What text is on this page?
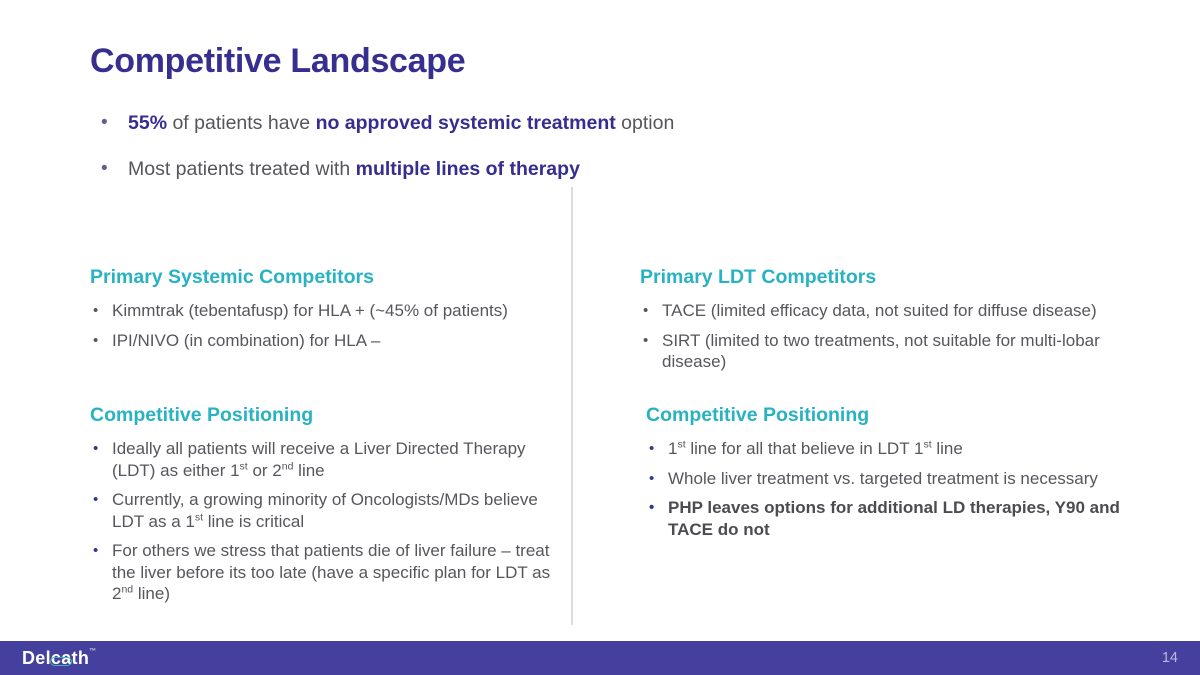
Competitive Landscape
• 55% of patients have no approved systemic treatment option
• Most patients treated with multiple lines of therapy
Primary Systemic Competitors
• Kimmtrak (tebentafusp) for HLA + (~45% of patients)
• IPI/NIVO (in combination) for HLA –
Competitive Positioning
• Ideally all patients will receive a Liver Directed Therapy (LDT) as either 1st or 2nd line
• Currently, a growing minority of Oncologists/MDs believe LDT as a 1st line is critical
• For others we stress that patients die of liver failure – treat the liver before its too late (have a specific plan for LDT as 2nd line)
Primary LDT Competitors
• TACE (limited efficacy data, not suited for diffuse disease)
• SIRT (limited to two treatments, not suitable for multi-lobar disease)
Competitive Positioning
• 1st line for all that believe in LDT 1st line
• Whole liver treatment vs. targeted treatment is necessary
• PHP leaves options for additional LD therapies, Y90 and TACE do not
Delcath™	14
